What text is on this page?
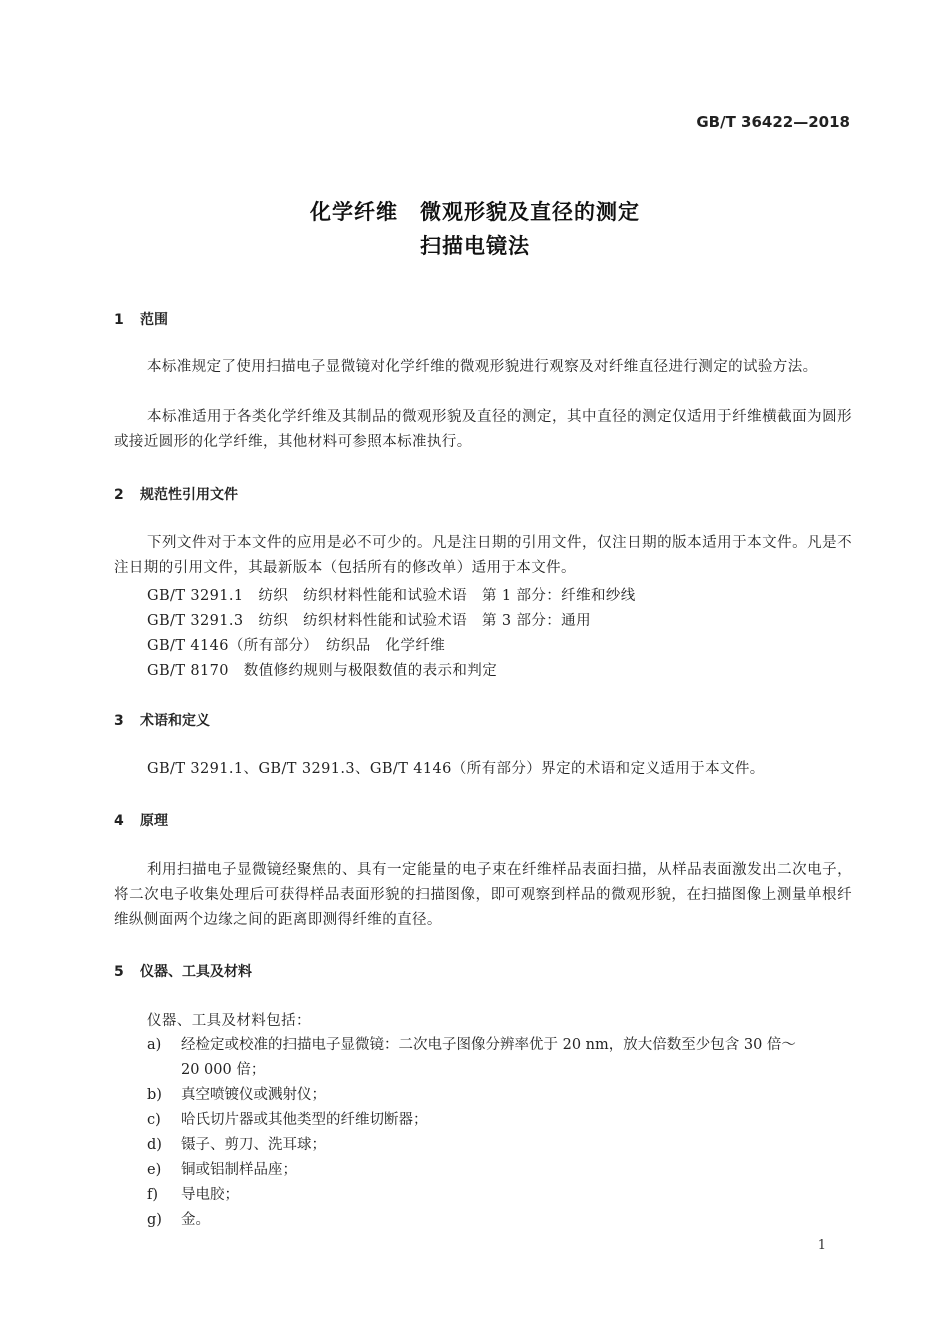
GB/T 36422—2018
化学纤维　微观形貌及直径的测定
扫描电镜法
1 范围
本标准规定了使用扫描电子显微镜对化学纤维的微观形貌进行观察及对纤维直径进行测定的试验方法。
本标准适用于各类化学纤维及其制品的微观形貌及直径的测定，其中直径的测定仅适用于纤维横截面为圆形或接近圆形的化学纤维，其他材料可参照本标准执行。
2 规范性引用文件
下列文件对于本文件的应用是必不可少的。凡是注日期的引用文件，仅注日期的版本适用于本文件。凡是不注日期的引用文件，其最新版本（包括所有的修改单）适用于本文件。
GB/T 3291.1　纺织　纺织材料性能和试验术语　第 1 部分：纤维和纱线
GB/T 3291.3　纺织　纺织材料性能和试验术语　第 3 部分：通用
GB/T 4146（所有部分）　纺织品　化学纤维
GB/T 8170　数值修约规则与极限数值的表示和判定
3 术语和定义
GB/T 3291.1、GB/T 3291.3、GB/T 4146（所有部分）界定的术语和定义适用于本文件。
4 原理
利用扫描电子显微镜经聚焦的、具有一定能量的电子束在纤维样品表面扫描，从样品表面激发出二次电子，将二次电子收集处理后可获得样品表面形貌的扫描图像，即可观察到样品的微观形貌，在扫描图像上测量单根纤维纵侧面两个边缘之间的距离即测得纤维的直径。
5 仪器、工具及材料
仪器、工具及材料包括：
a) 经检定或校准的扫描电子显微镜：二次电子图像分辨率优于 20 nm，放大倍数至少包含 30 倍～
20 000 倍；
b) 真空喷镀仪或溅射仪；
c) 哈氏切片器或其他类型的纤维切断器；
d) 镊子、剪刀、洗耳球；
e) 铜或铝制样品座；
f) 导电胶；
g) 金。
1
